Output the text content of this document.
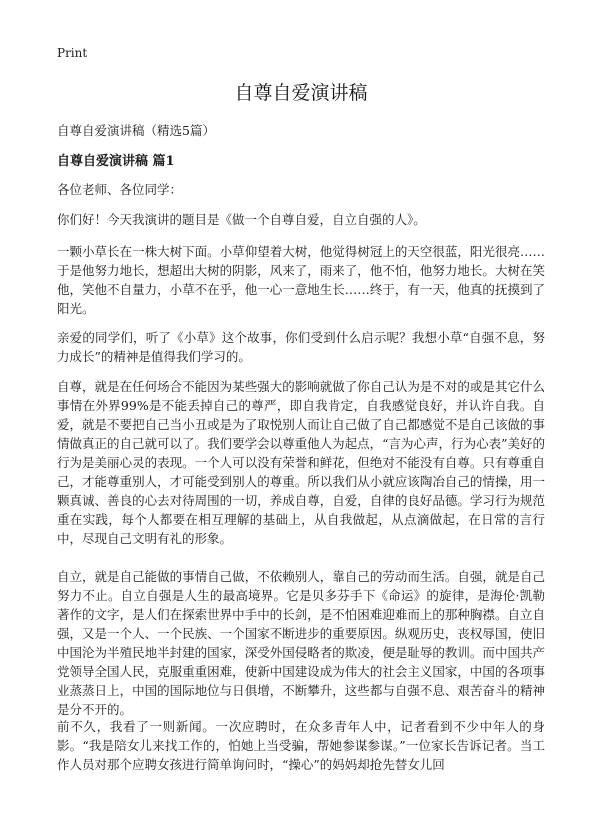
Print
自尊自爱演讲稿

自尊自爱演讲稿（精选5篇）

自尊自爱演讲稿 篇1

各位老师、各位同学：

你们好！今天我演讲的题目是《做一个自尊自爱，自立自强的人》。

一颗小草长在一株大树下面。小草仰望着大树，他觉得树冠上的天空很蓝，阳光很亮……于是他努力地长，想超出大树的阴影，风来了，雨来了，他不怕，他努力地长。大树在笑他，笑他不自量力，小草不在乎，他一心一意地生长……终于，有一天，他真的抚摸到了阳光。

亲爱的同学们，听了《小草》这个故事，你们受到什么启示呢？我想小草“自强不息，努力成长”的精神是值得我们学习的。

自尊，就是在任何场合不能因为某些强大的影响就做了你自己认为是不对的或是其它什么事情在外界99%是不能丢掉自己的尊严，即自我肯定，自我感觉良好，并认许自我。自爱，就是不要把自己当小丑或是为了取悦别人而让自己做了自己都感觉不是自己该做的事情做真正的自己就可以了。我们要学会以尊重他人为起点，“言为心声，行为心表”美好的行为是美丽心灵的表现。一个人可以没有荣誉和鲜花，但绝对不能没有自尊。只有尊重自己，才能尊重别人，才可能受到别人的尊重。所以我们从小就应该陶冶自己的情操，用一颗真诚、善良的心去对待周围的一切，养成自尊，自爱，自律的良好品德。学习行为规范重在实践，每个人都要在相互理解的基础上，从自我做起，从点滴做起，在日常的言行中，尽现自己文明有礼的形象。

自立，就是自己能做的事情自己做，不依赖别人，靠自己的劳动而生活。自强，就是自己努力不止。自立自强是人生的最高境界。它是贝多芬手下《命运》的旋律，是海伦·凯勒著作的文字，是人们在探索世界中手中的长剑，是不怕困难迎难而上的那种胸襟。自立自强，又是一个人、一个民族、一个国家不断进步的重要原因。纵观历史，丧权辱国，使旧中国沦为半殖民地半封建的国家，深受外国侵略者的欺凌，便是耻辱的教训。而中国共产党领导全国人民，克服重重困难，使新中国建设成为伟大的社会主义国家，中国的各项事业蒸蒸日上，中国的国际地位与日俱增，不断攀升，这些都与自强不息、艰苦奋斗的精神是分不开的。

前不久，我看了一则新闻。一次应聘时，在众多青年人中，记者看到不少中年人的身影。“我是陪女儿来找工作的，怕她上当受骗，帮她参谋参谋。”一位家长告诉记者。当工作人员对那个应聘女孩进行简单询问时，“操心”的妈妈却抢先替女儿回
